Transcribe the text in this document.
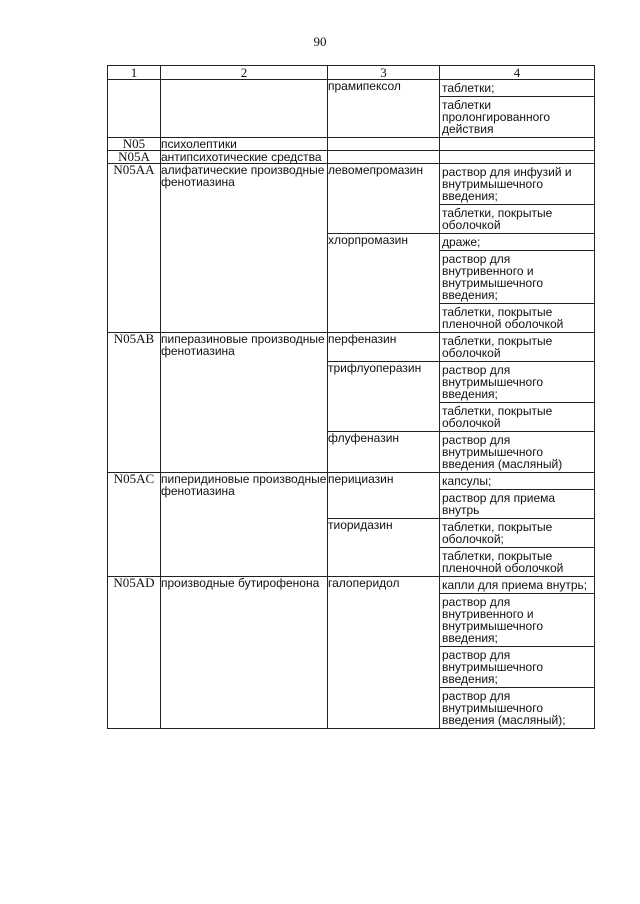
90
1	2	3	4
		прамипексол	таблетки;
таблетки пролонгированного действия

N05	психолептики		
N05A	антипсихотические средства		
N05AA	алифатические производные фенотиазина	левомепромазин	раствор для инфузий и внутримышечного введения;
таблетки, покрытые оболочкой

		хлорпромазин	драже;
раствор для внутривенного и внутримышечного введения;
таблетки, покрытые пленочной оболочкой

N05AB	пиперазиновые производные фенотиазина	перфеназин	таблетки, покрытые оболочкой

		трифлуоперазин	раствор для внутримышечного введения;
таблетки, покрытые оболочкой

		флуфеназин	раствор для внутримышечного введения (масляный)

N05AC	пиперидиновые производные фенотиазина	перициазин	капсулы;
раствор для приема внутрь

		тиоридазин	таблетки, покрытые оболочкой;
таблетки, покрытые пленочной оболочкой

N05AD	производные бутирофенона	галоперидол	капли для приема внутрь;
раствор для внутривенного и внутримышечного введения;
раствор для внутримышечного введения;
раствор для внутримышечного введения (масляный);
